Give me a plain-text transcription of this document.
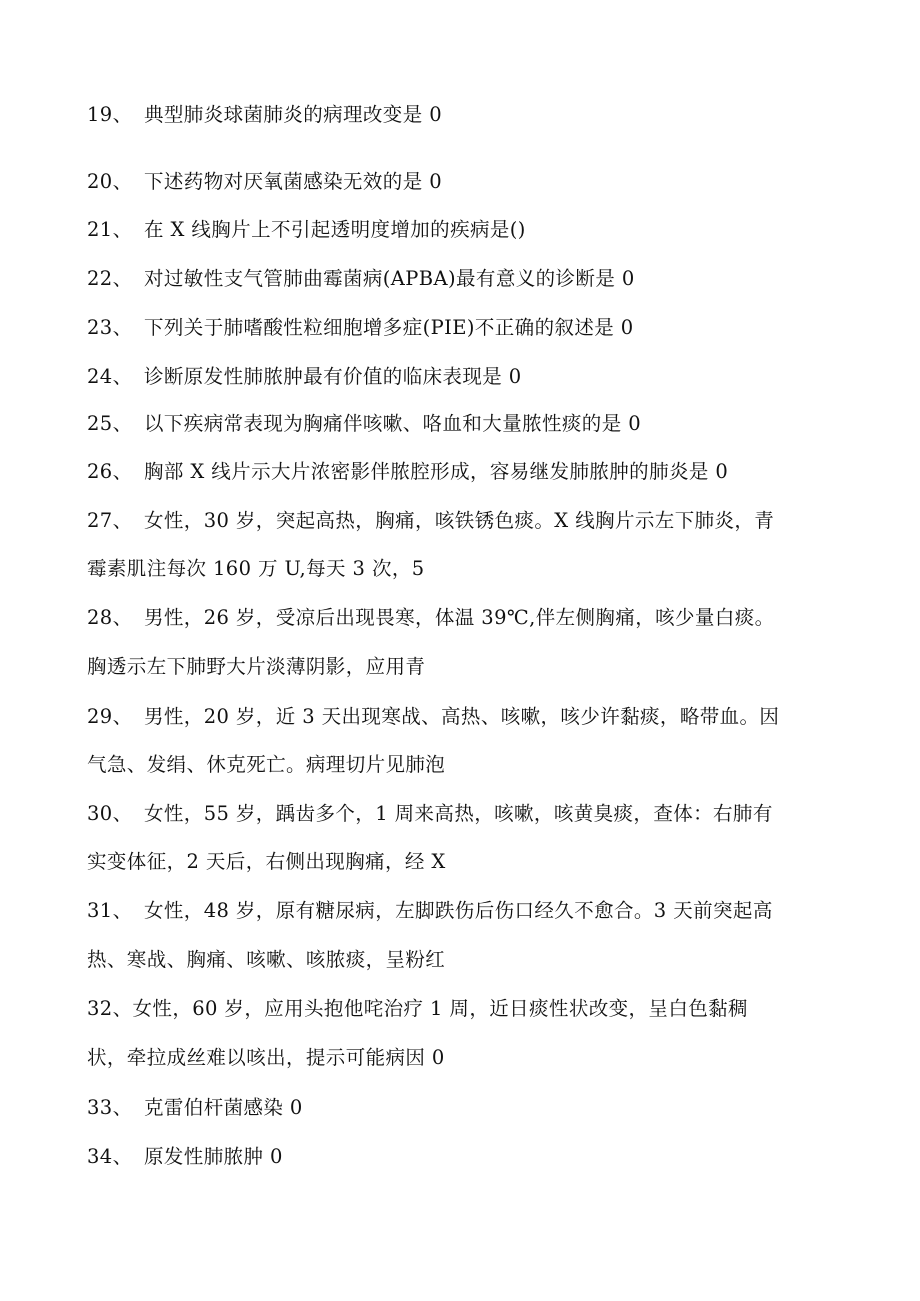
19、 典型肺炎球菌肺炎的病理改变是 0
20、 下述药物对厌氧菌感染无效的是 0
21、 在 X 线胸片上不引起透明度增加的疾病是()
22、 对过敏性支气管肺曲霉菌病(APBA)最有意义的诊断是 0
23、 下列关于肺嗜酸性粒细胞增多症(PIE)不正确的叙述是 0
24、 诊断原发性肺脓肿最有价值的临床表现是 0
25、 以下疾病常表现为胸痛伴咳嗽、咯血和大量脓性痰的是 0
26、 胸部 X 线片示大片浓密影伴脓腔形成，容易继发肺脓肿的肺炎是 0
27、 女性，30 岁，突起高热，胸痛，咳铁锈色痰。X 线胸片示左下肺炎，青
霉素肌注每次 160 万 U,每天 3 次，5
28、 男性，26 岁，受凉后出现畏寒，体温 39℃,伴左侧胸痛，咳少量白痰。
胸透示左下肺野大片淡薄阴影，应用青
29、 男性，20 岁，近 3 天出现寒战、高热、咳嗽，咳少许黏痰，略带血。因
气急、发绢、休克死亡。病理切片见肺泡
30、 女性，55 岁，踽齿多个，1 周来高热，咳嗽，咳黄臭痰，查体：右肺有
实变体征，2 天后，右侧出现胸痛，经 X
31、 女性，48 岁，原有糖尿病，左脚跌伤后伤口经久不愈合。3 天前突起高
热、寒战、胸痛、咳嗽、咳脓痰，呈粉红
32、女性，60 岁，应用头抱他咤治疗 1 周，近日痰性状改变，呈白色黏稠
状，牵拉成丝难以咳出，提示可能病因 0
33、 克雷伯杆菌感染 0
34、 原发性肺脓肿 0
